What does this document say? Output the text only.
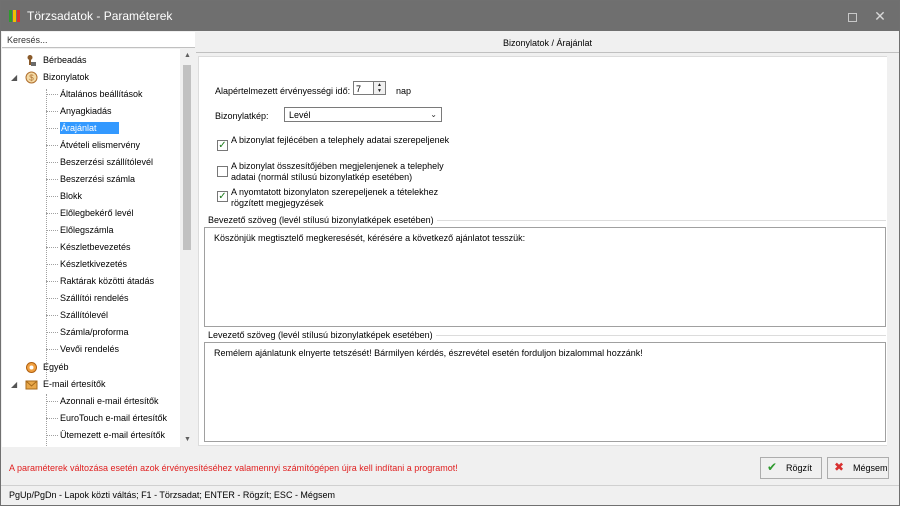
Törzsadatok - Paraméterek	✕
Keresés...
Bérbeadás
◢ $ Bizonylatok
Általános beállítások
Anyagkiadás
Árajánlat
Átvételi elismervény
Beszerzési szállítólevél
Beszerzési számla
Blokk
Előlegbekérő levél
Előlegszámla
Készletbevezetés
Készletkivezetés
Raktárak közötti átadás
Szállítói rendelés
Szállítólevél
Számla/proforma
Vevői rendelés
Egyéb
◢	E-mail értesítők
Azonnali e-mail értesítők
EuroTouch e-mail értesítők
Ütemezett e-mail értesítők
▲
▼
Bizonylatok / Árajánlat
Alapértelmezett érvényességi idő:
7
▲
▼	nap
Bizonylatkép: Levél	⌄
✓ A bizonylat fejlécében a telephely adatai szerepeljenek
A bizonylat összesítőjében megjelenjenek a telephely adatai (normál stílusú bizonylatkép esetében)
✓ A nyomtatott bizonylaton szerepeljenek a tételekhez rögzített megjegyzések
Bevezető szöveg (levél stílusú bizonylatképek esetében)
Köszönjük megtisztelő megkeresését, kérésére a következő ajánlatot tesszük:
Levezető szöveg (levél stílusú bizonylatképek esetében)
Remélem ajánlatunk elnyerte tetszését! Bármilyen kérdés, észrevétel esetén forduljon bizalommal hozzánk!
A paraméterek változása esetén azok érvényesítéséhez valamennyi számítógépen újra kell indítani a programot!	✔ Rögzít ✖ Mégsem
PgUp/PgDn - Lapok közti váltás; F1 - Törzsadat; ENTER - Rögzít; ESC - Mégsem
